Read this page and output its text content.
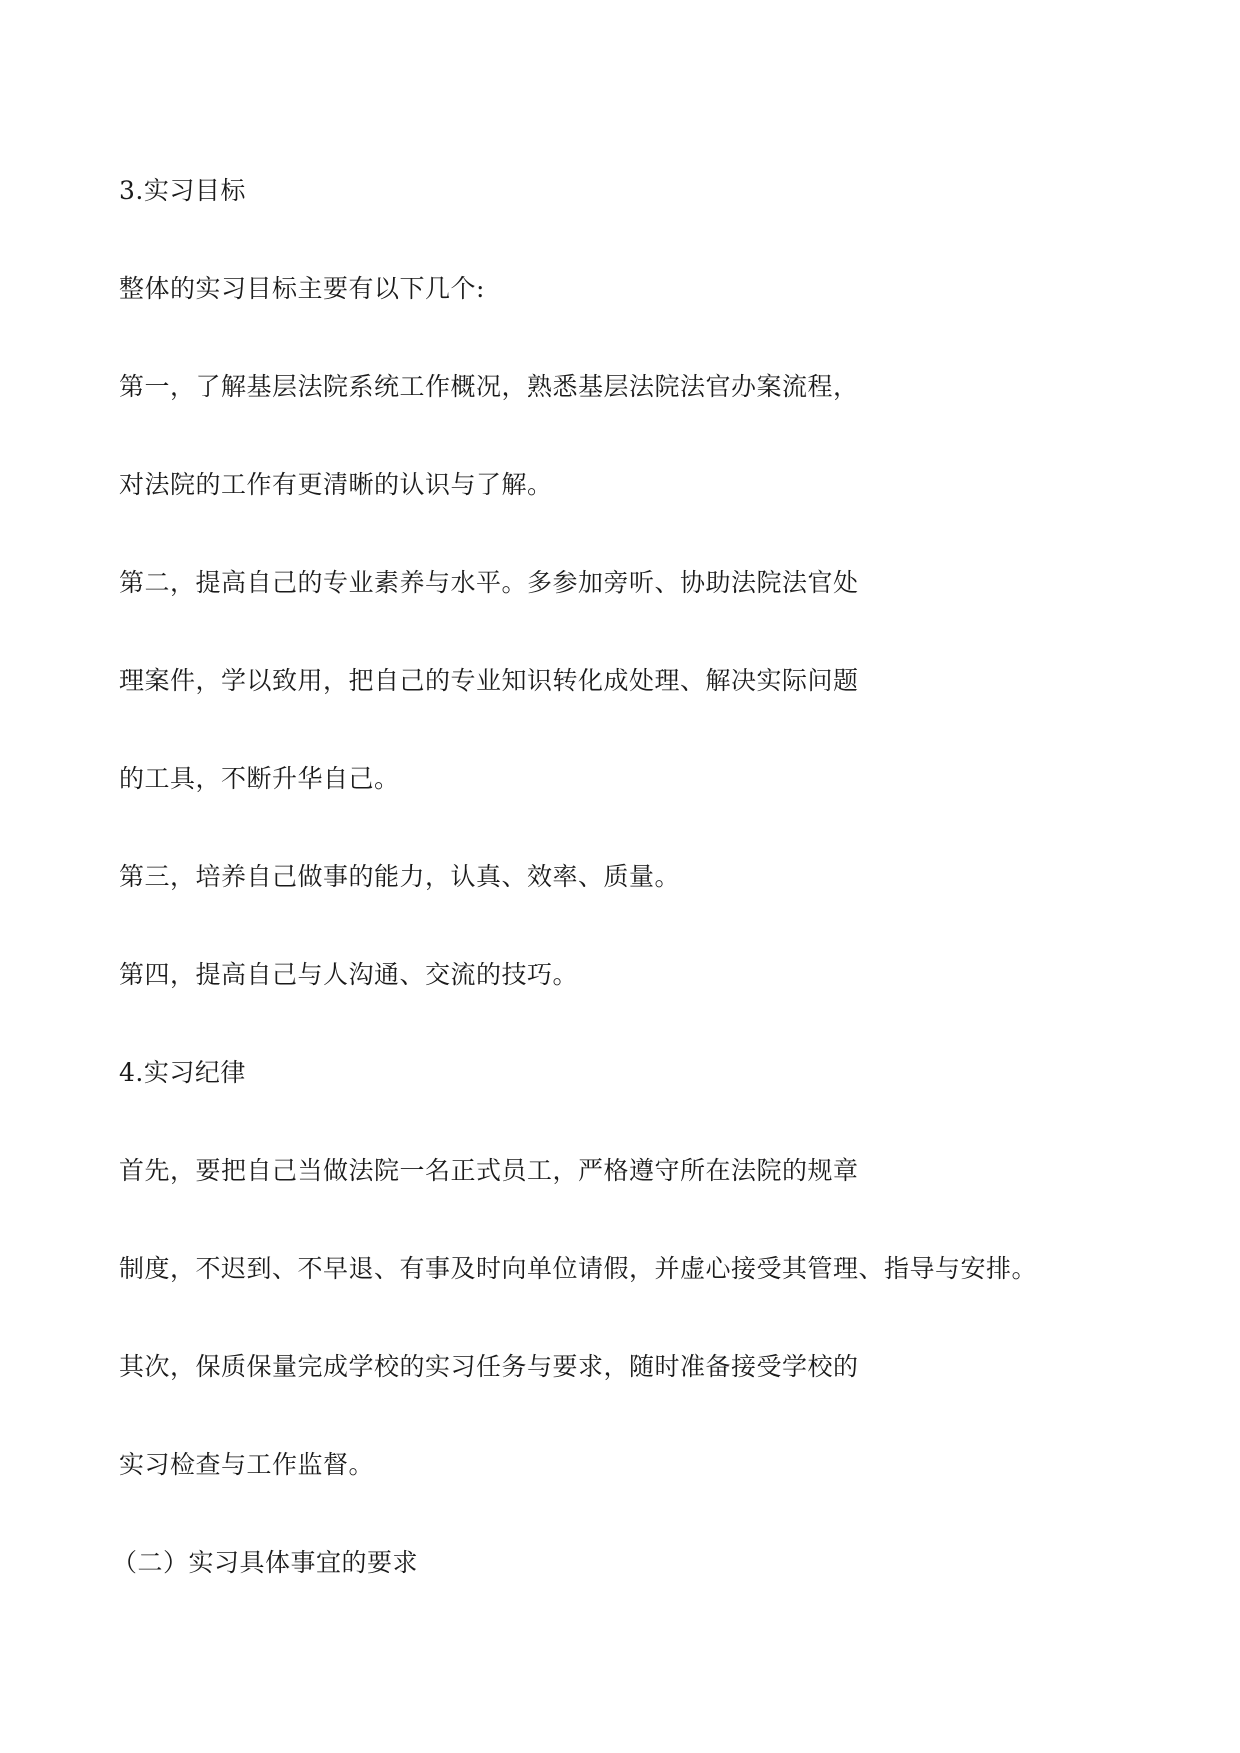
3.实习目标

整体的实习目标主要有以下几个:

第一，了解基层法院系统工作概况，熟悉基层法院法官办案流程，

对法院的工作有更清晰的认识与了解。

第二，提高自己的专业素养与水平。多参加旁听、协助法院法官处

理案件，学以致用，把自己的专业知识转化成处理、解决实际问题

的工具，不断升华自己。

第三，培养自己做事的能力，认真、效率、质量。

第四，提高自己与人沟通、交流的技巧。

4.实习纪律

首先，要把自己当做法院一名正式员工，严格遵守所在法院的规章

制度，不迟到、不早退、有事及时向单位请假，并虚心接受其管理、指导与安排。

其次，保质保量完成学校的实习任务与要求，随时准备接受学校的

实习检查与工作监督。

（二）实习具体事宜的要求
